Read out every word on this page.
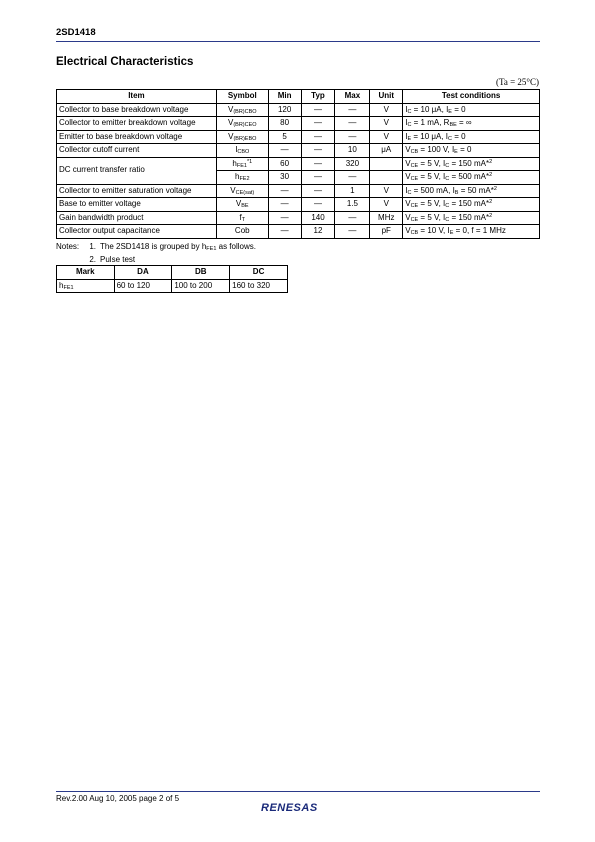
2SD1418
Electrical Characteristics
(Ta = 25°C)
Item	Symbol	Min	Typ	Max	Unit	Test conditions
Collector to base breakdown voltage	$V_{(BR)CBO}$	120	—	—	V	$I_C = 10$ μA, $I_E = 0$
Collector to emitter breakdown voltage	$V_{(BR)CEO}$	80	—	—	V	$I_C = 1$ mA, $R_{BE}$ = ∞
Emitter to base breakdown voltage	$V_{(BR)EBO}$	5	—	—	V	$I_E = 10$ μA, $I_C = 0$
Collector cutoff current	$I_{CBO}$	—	—	10	μA	$V_{CB} = 100$ V, $I_E = 0$
DC current transfer ratio	$h_{FE1}^{*1}$	60	—	320		$V_{CE} = 5$ V, $I_C = 150$ mA*$^2$
	$h_{FE2}$	30	—	—		$V_{CE} = 5$ V, $I_C = 500$ mA*$^2$
Collector to emitter saturation voltage	$V_{CE(sat)}$	—	—	1	V	$I_C = 500$ mA, $I_B = 50$ mA*$^2$
Base to emitter voltage	$V_{BE}$	—	—	1.5	V	$V_{CE} = 5$ V, $I_C = 150$ mA*$^2$
Gain bandwidth product	$f_T$	—	140	—	MHz	$V_{CE} = 5$ V, $I_C = 150$ mA*$^2$
Collector output capacitance	Cob	—	12	—	pF	$V_{CB} = 10$ V, $I_E = 0$, f = 1 MHz
Notes:	1. The 2SD1418 is grouped by $h_{FE1}$ as follows.
2. Pulse test
Mark	DA	DB	DC
$h_{FE1}$	60 to 120	100 to 200	160 to 320
Rev.2.00 Aug 10, 2005 page 2 of 5
RENESAS
